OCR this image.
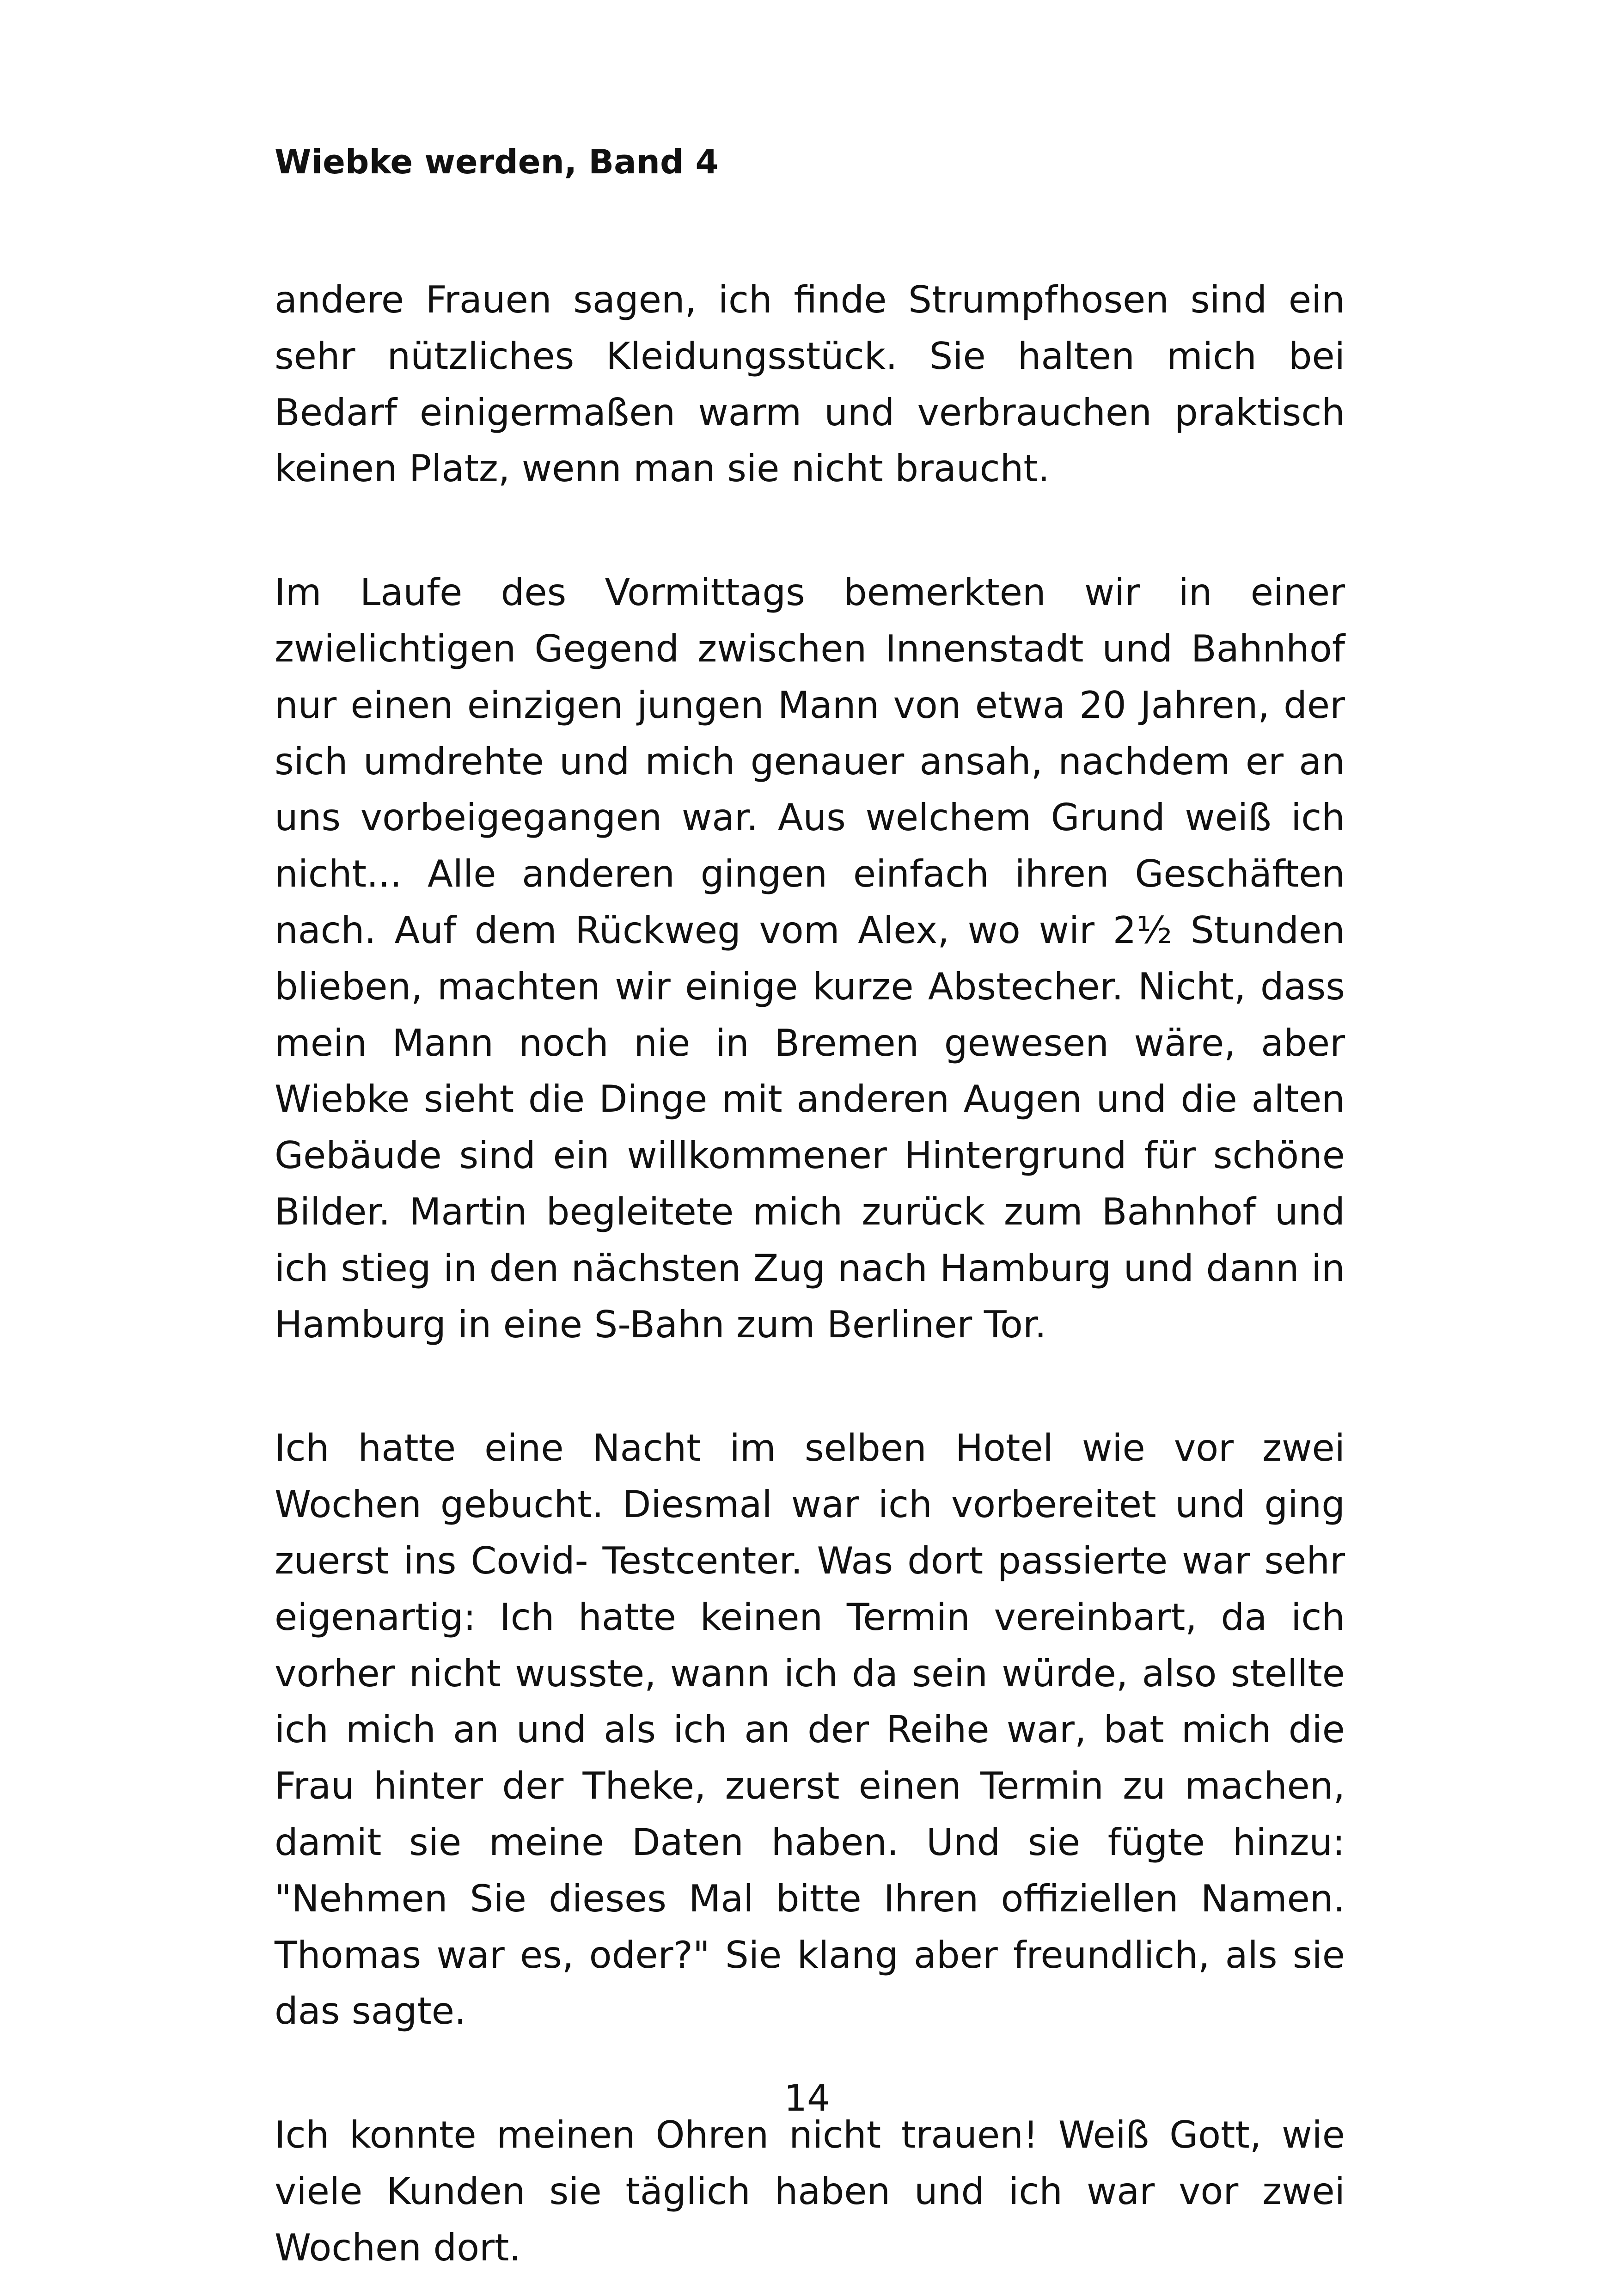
Wiebke werden, Band 4

andere Frauen sagen, ich finde Strumpfhosen sind ein sehr nützliches Kleidungsstück. Sie halten mich bei Bedarf einigermaßen warm und verbrauchen praktisch keinen Platz, wenn man sie nicht braucht.

Im Laufe des Vormittags bemerkten wir in einer zwielichtigen Gegend zwischen Innenstadt und Bahnhof nur einen einzigen jungen Mann von etwa 20 Jahren, der sich umdrehte und mich genauer ansah, nachdem er an uns vorbeigegangen war. Aus welchem Grund weiß ich nicht... Alle anderen gingen einfach ihren Geschäften nach. Auf dem Rückweg vom Alex, wo wir 2½ Stunden blieben, machten wir einige kurze Abstecher. Nicht, dass mein Mann noch nie in Bremen gewesen wäre, aber Wiebke sieht die Dinge mit anderen Augen und die alten Gebäude sind ein willkommener Hintergrund für schöne Bilder. Martin begleitete mich zurück zum Bahnhof und ich stieg in den nächsten Zug nach Hamburg und dann in Hamburg in eine S-Bahn zum Berliner Tor.

Ich hatte eine Nacht im selben Hotel wie vor zwei Wochen gebucht. Diesmal war ich vorbereitet und ging zuerst ins Covid- Testcenter. Was dort passierte war sehr eigenartig: Ich hatte keinen Termin vereinbart, da ich vorher nicht wusste, wann ich da sein würde, also stellte ich mich an und als ich an der Reihe war, bat mich die Frau hinter der Theke, zuerst einen Termin zu machen, damit sie meine Daten haben. Und sie fügte hinzu: "Nehmen Sie dieses Mal bitte Ihren offiziellen Namen. Thomas war es, oder?" Sie klang aber freundlich, als sie das sagte.

Ich konnte meinen Ohren nicht trauen! Weiß Gott, wie viele Kunden sie täglich haben und ich war vor zwei Wochen dort.

14
